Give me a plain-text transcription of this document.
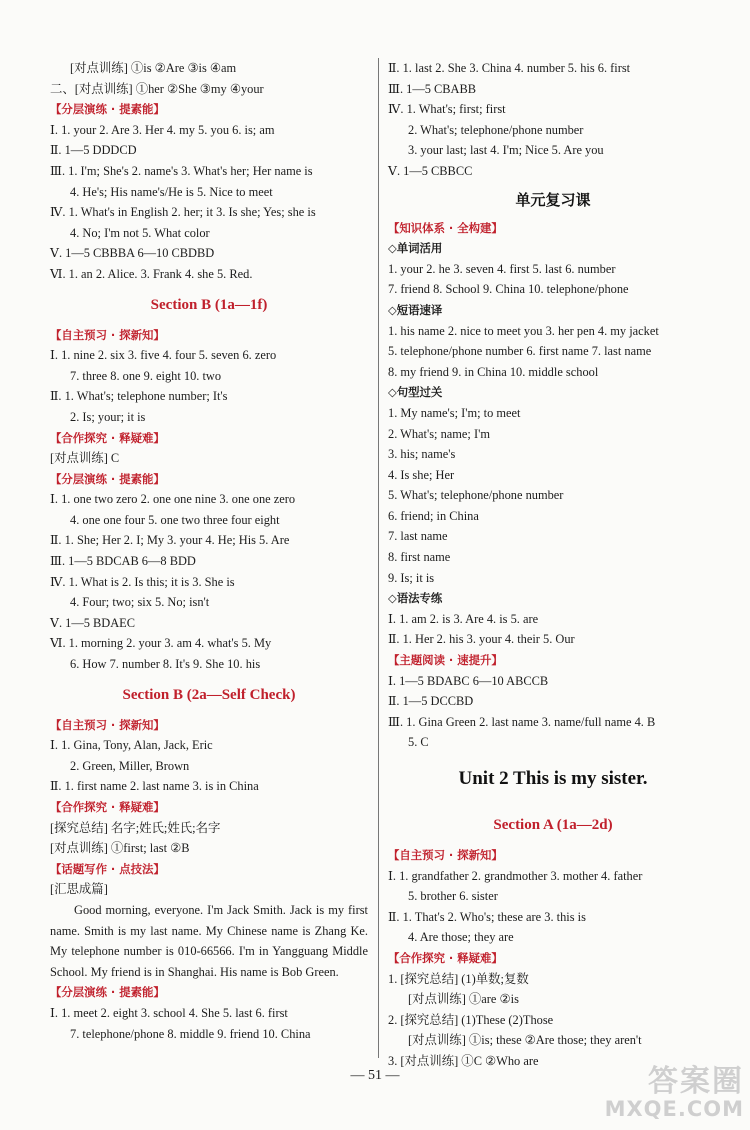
[对点训练] ①is ②Are ③is ④am
二、[对点训练] ①her ②She ③my ④your
【分层演练 · 提素能】
Ⅰ. 1. your 2. Are 3. Her 4. my 5. you 6. is; am
Ⅱ. 1—5 DDDCD
Ⅲ. 1. I'm; She's 2. name's 3. What's her; Her name is
4. He's; His name's/He is 5. Nice to meet
Ⅳ. 1. What's in English 2. her; it 3. Is she; Yes; she is
4. No; I'm not 5. What color
Ⅴ. 1—5 CBBBA 6—10 CBDBD
Ⅵ. 1. an 2. Alice. 3. Frank 4. she 5. Red.
Section B (1a—1f)
【自主预习 · 探新知】
Ⅰ. 1. nine 2. six 3. five 4. four 5. seven 6. zero
7. three 8. one 9. eight 10. two
Ⅱ. 1. What's; telephone number; It's
2. Is; your; it is
【合作探究 · 释疑难】
[对点训练] C
【分层演练 · 提素能】
Ⅰ. 1. one two zero 2. one one nine 3. one one zero
4. one one four 5. one two three four eight
Ⅱ. 1. She; Her 2. I; My 3. your 4. He; His 5. Are
Ⅲ. 1—5 BDCAB 6—8 BDD
Ⅳ. 1. What is 2. Is this; it is 3. She is
4. Four; two; six 5. No; isn't
Ⅴ. 1—5 BDAEC
Ⅵ. 1. morning 2. your 3. am 4. what's 5. My
6. How 7. number 8. It's 9. She 10. his
Section B (2a—Self Check)
【自主预习 · 探新知】
Ⅰ. 1. Gina, Tony, Alan, Jack, Eric
2. Green, Miller, Brown
Ⅱ. 1. first name 2. last name 3. is in China
【合作探究 · 释疑难】
[探究总结] 名字;姓氏;姓氏;名字
[对点训练] ①first; last ②B
【话题写作 · 点技法】
[汇思成篇]
Good morning, everyone. I'm Jack Smith. Jack is my first name. Smith is my last name. My Chinese name is Zhang Ke. My telephone number is 010-66566. I'm in Yangguang Middle School. My friend is in Shanghai. His name is Bob Green.
【分层演练 · 提素能】
Ⅰ. 1. meet 2. eight 3. school 4. She 5. last 6. first
7. telephone/phone 8. middle 9. friend 10. China
Ⅱ. 1. last 2. She 3. China 4. number 5. his 6. first
Ⅲ. 1—5 CBABB
Ⅳ. 1. What's; first; first
2. What's; telephone/phone number
3. your last; last 4. I'm; Nice 5. Are you
Ⅴ. 1—5 CBBCC
单元复习课
【知识体系 · 全构建】
◇单词活用
1. your 2. he 3. seven 4. first 5. last 6. number
7. friend 8. School 9. China 10. telephone/phone
◇短语速译
1. his name 2. nice to meet you 3. her pen 4. my jacket
5. telephone/phone number 6. first name 7. last name
8. my friend 9. in China 10. middle school
◇句型过关
1. My name's; I'm; to meet
2. What's; name; I'm
3. his; name's
4. Is she; Her
5. What's; telephone/phone number
6. friend; in China
7. last name
8. first name
9. Is; it is
◇语法专练
Ⅰ. 1. am 2. is 3. Are 4. is 5. are
Ⅱ. 1. Her 2. his 3. your 4. their 5. Our
【主题阅读 · 速提升】
Ⅰ. 1—5 BDABC 6—10 ABCCB
Ⅱ. 1—5 DCCBD
Ⅲ. 1. Gina Green 2. last name 3. name/full name 4. B
5. C
Unit 2 This is my sister.
Section A (1a—2d)
【自主预习 · 探新知】
Ⅰ. 1. grandfather 2. grandmother 3. mother 4. father
5. brother 6. sister
Ⅱ. 1. That's 2. Who's; these are 3. this is
4. Are those; they are
【合作探究 · 释疑难】
1. [探究总结] (1)单数;复数
[对点训练] ①are ②is
2. [探究总结] (1)These (2)Those
[对点训练] ①is; these ②Are those; they aren't
3. [对点训练] ①C ②Who are
— 51 —	答案圈
MXQE.COM
